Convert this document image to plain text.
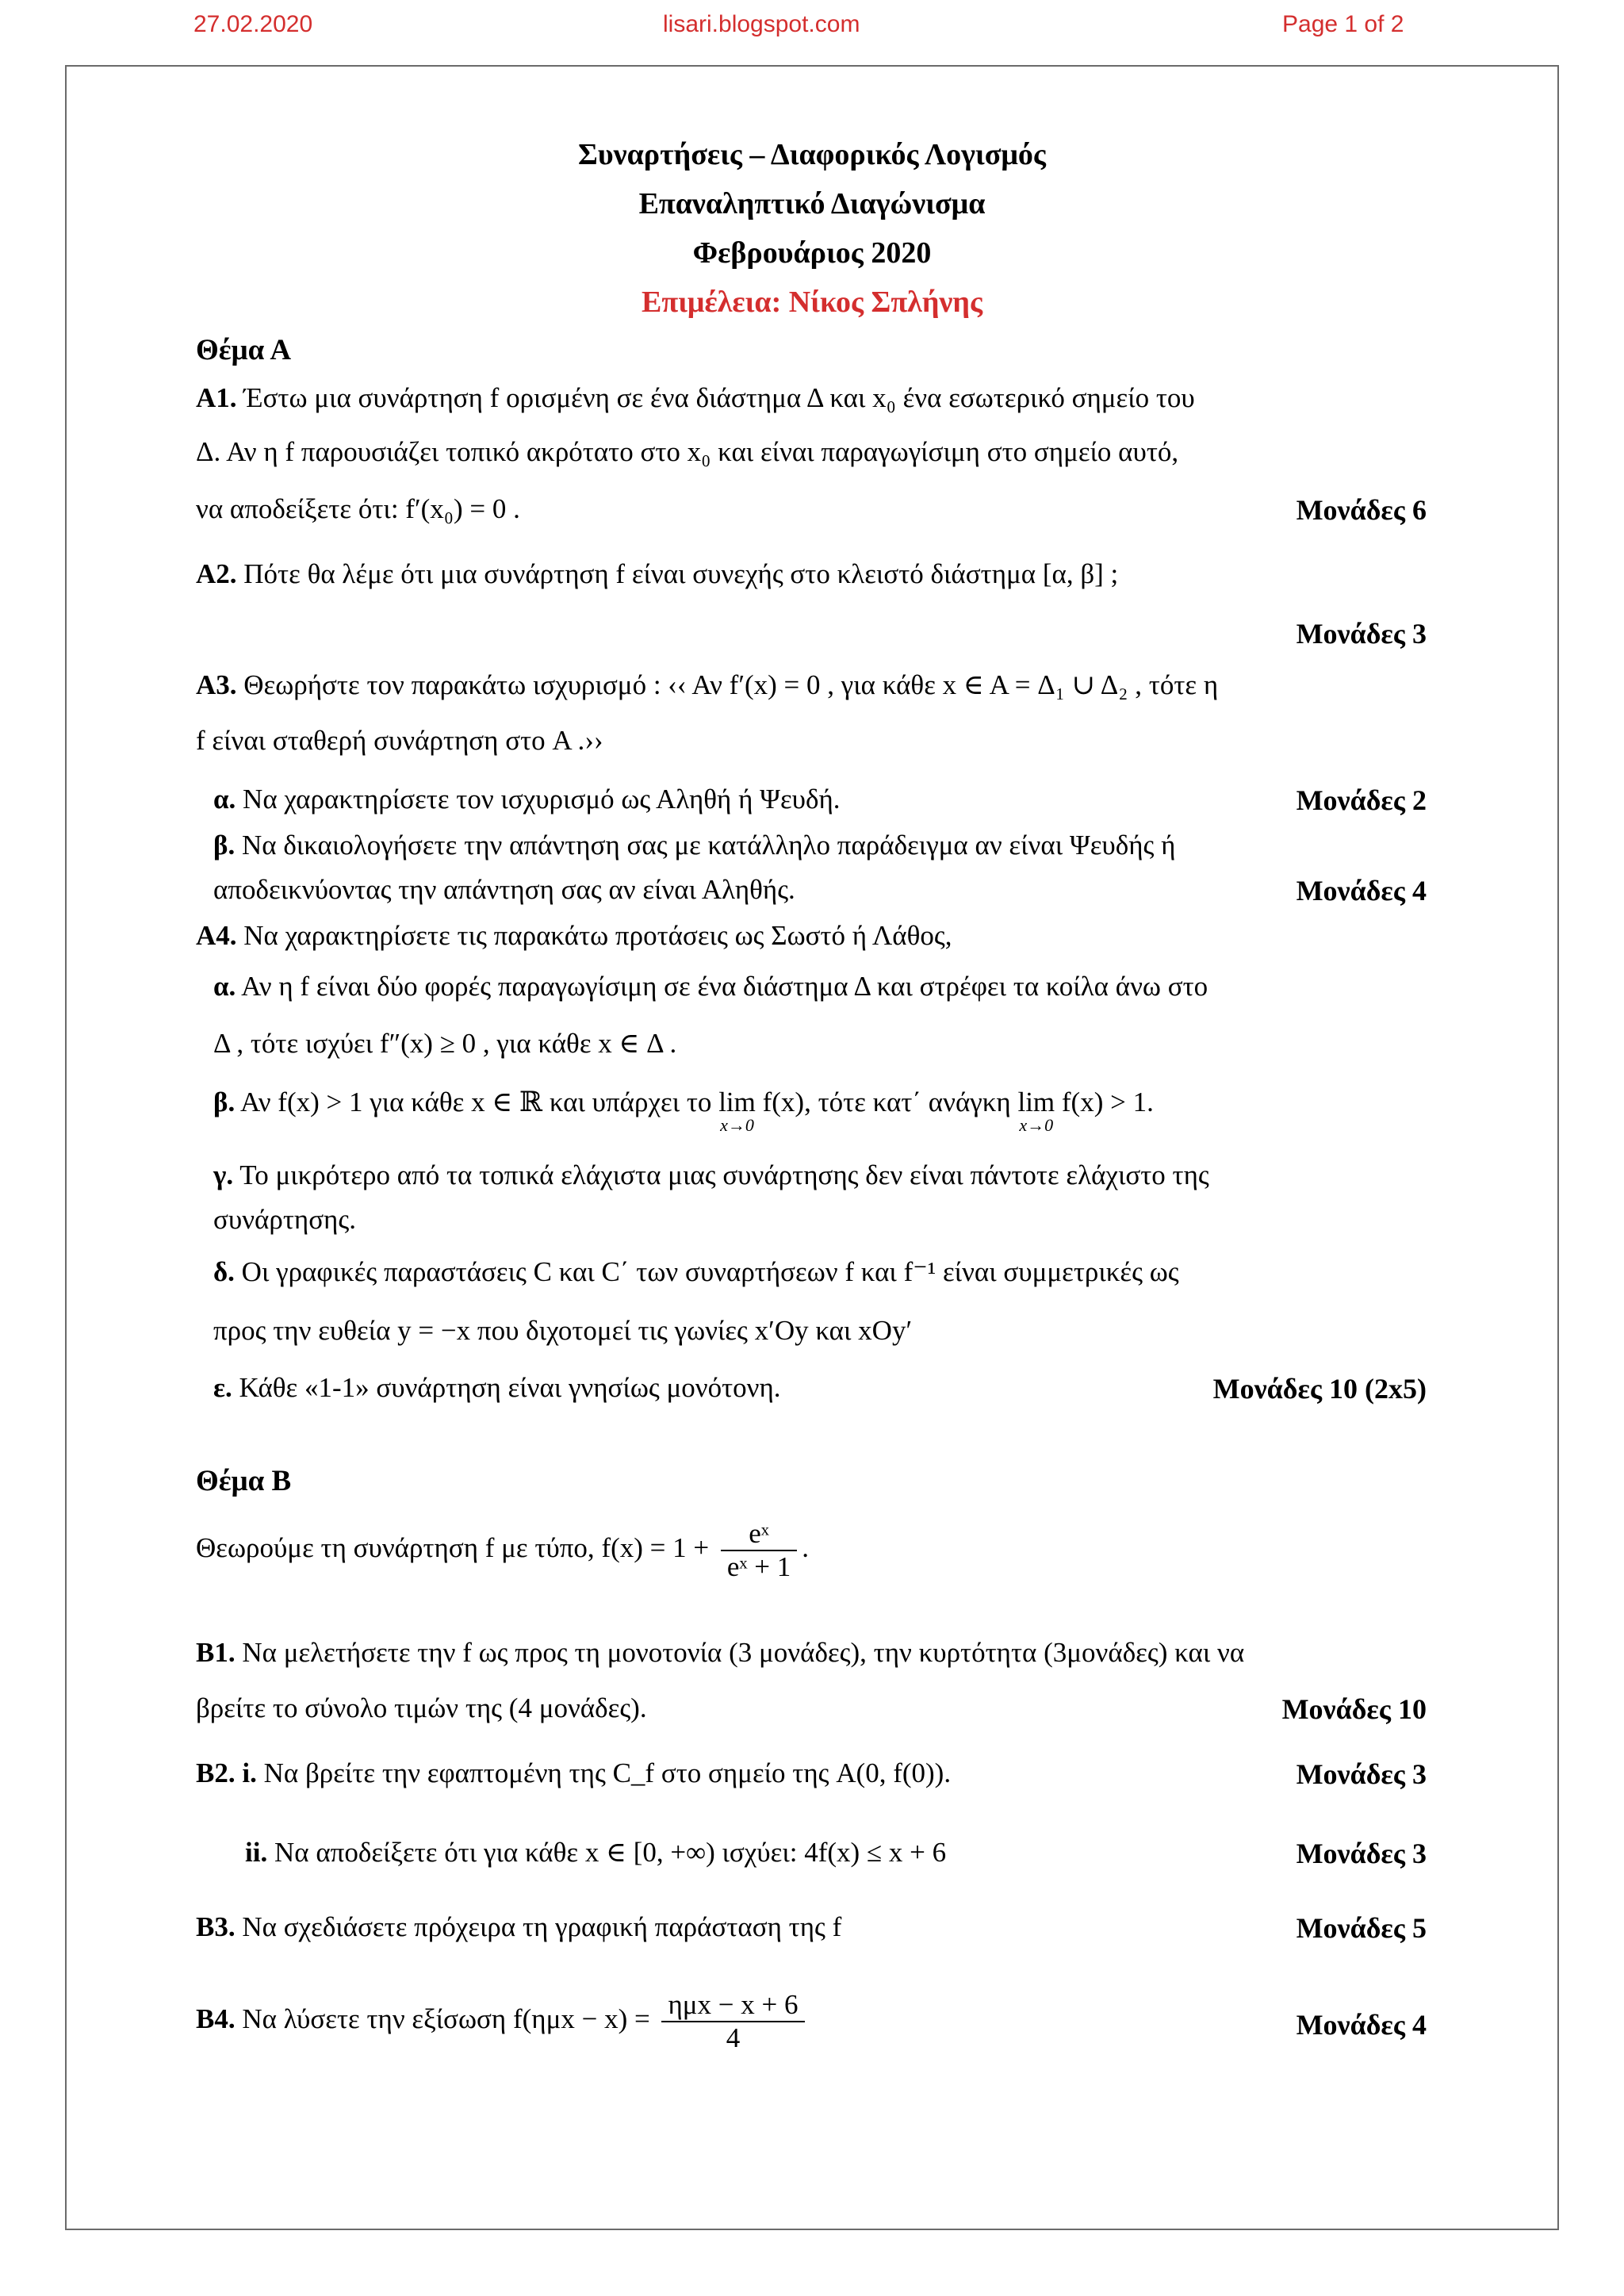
27.02.2020	lisari.blogspot.com	Page 1 of 2
Συναρτήσεις – Διαφορικός Λογισμός
Επαναληπτικό Διαγώνισμα
Φεβρουάριος 2020
Επιμέλεια: Νίκος Σπλήνης
Θέμα Α
Α1. Έστω μια συνάρτηση f ορισμένη σε ένα διάστημα Δ και x₀ ένα εσωτερικό σημείο του
Δ. Αν η f παρουσιάζει τοπικό ακρότατο στο x₀ και είναι παραγωγίσιμη στο σημείο αυτό,
να αποδείξετε ότι: f′(x₀) = 0 .	Μονάδες 6
Α2. Πότε θα λέμε ότι μια συνάρτηση f είναι συνεχής στο κλειστό διάστημα [α, β] ;
Μονάδες 3
Α3. Θεωρήστε τον παρακάτω ισχυρισμό : ‹‹ Αν f′(x) = 0 , για κάθε x ∈ A = Δ₁ ∪ Δ₂ , τότε η
f είναι σταθερή συνάρτηση στο A .››
α. Να χαρακτηρίσετε τον ισχυρισμό ως Αληθή ή Ψευδή.	Μονάδες 2
β. Να δικαιολογήσετε την απάντηση σας με κατάλληλο παράδειγμα αν είναι Ψευδής ή
αποδεικνύοντας την απάντηση σας αν είναι Αληθής.	Μονάδες 4
Α4. Να χαρακτηρίσετε τις παρακάτω προτάσεις ως Σωστό ή Λάθος,
α. Αν η f είναι δύο φορές παραγωγίσιμη σε ένα διάστημα Δ και στρέφει τα κοίλα άνω στο
Δ , τότε ισχύει f″(x) ≥ 0 , για κάθε x ∈ Δ .
β. Αν f(x) > 1 για κάθε x ∈ ℝ και υπάρχει το lim
x→0
f(x), τότε κατ΄ ανάγκη lim
x→0
f(x) > 1.
γ. Το μικρότερο από τα τοπικά ελάχιστα μιας συνάρτησης δεν είναι πάντοτε ελάχιστο της
συνάρτησης.
δ. Οι γραφικές παραστάσεις C και C΄ των συναρτήσεων f και f⁻¹ είναι συμμετρικές ως
προς την ευθεία y = −x που διχοτομεί τις γωνίες x′Oy και xOy′
ε. Κάθε «1-1» συνάρτηση είναι γνησίως μονότονη.	Μονάδες 10 (2x5)
Θέμα Β
Θεωρούμε τη συνάρτηση f με τύπο, $f(x) = 1 + \frac{\text{eˣ}}{\text{eˣ + 1}}$ .
Β1. Να μελετήσετε την f ως προς τη μονοτονία (3 μονάδες), την κυρτότητα (3μονάδες) και να
βρείτε το σύνολο τιμών της (4 μονάδες).	Μονάδες 10
Β2. i. Να βρείτε την εφαπτομένη της C_f στο σημείο της A(0, f(0)).	Μονάδες 3
ii. Να αποδείξετε ότι για κάθε x ∈ [0, +∞) ισχύει: 4f(x) ≤ x + 6	Μονάδες 3
Β3. Να σχεδιάσετε πρόχειρα τη γραφική παράσταση της f	Μονάδες 5
Β4. Να λύσετε την εξίσωση $f(\eta\mu x - x) = \frac{\text{ημx − x + 6}}{4}$	Μονάδες 4
